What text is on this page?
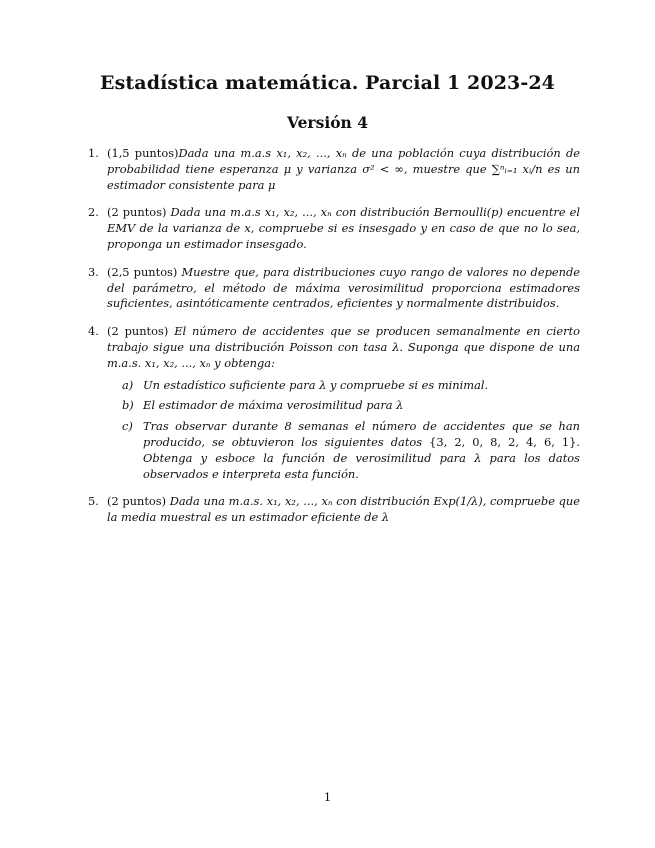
Estadística matemática. Parcial 1 2023-24
Versión 4
1. (1,5 puntos)Dada una m.a.s x₁, x₂, ..., xₙ de una población cuya distribución de probabilidad tiene esperanza μ y varianza σ² < ∞, muestre que ∑ⁿᵢ₌₁ xᵢ/n es un estimador consistente para μ
2. (2 puntos) Dada una m.a.s x₁, x₂, ..., xₙ con distribución Bernoulli(p) encuentre el EMV de la varianza de x, compruebe si es insesgado y en caso de que no lo sea, proponga un estimador insesgado.
3. (2,5 puntos) Muestre que, para distribuciones cuyo rango de valores no depende del parámetro, el método de máxima verosimilitud proporciona estimadores suficientes, asintóticamente centrados, eficientes y normalmente distribuidos.
4. (2 puntos) El número de accidentes que se producen semanalmente en cierto trabajo sigue una distribución Poisson con tasa λ. Suponga que dispone de una m.a.s. x₁, x₂, ..., xₙ y obtenga:
a) Un estadístico suficiente para λ y compruebe si es minimal.
b) El estimador de máxima verosimilitud para λ
c) Tras observar durante 8 semanas el número de accidentes que se han producido, se obtuvieron los siguientes datos {3, 2, 0, 8, 2, 4, 6, 1}. Obtenga y esboce la función de verosimilitud para λ para los datos observados e interpreta esta función.
5. (2 puntos) Dada una m.a.s. x₁, x₂, ..., xₙ con distribución Exp(1/λ), compruebe que la media muestral es un estimador eficiente de λ
1
